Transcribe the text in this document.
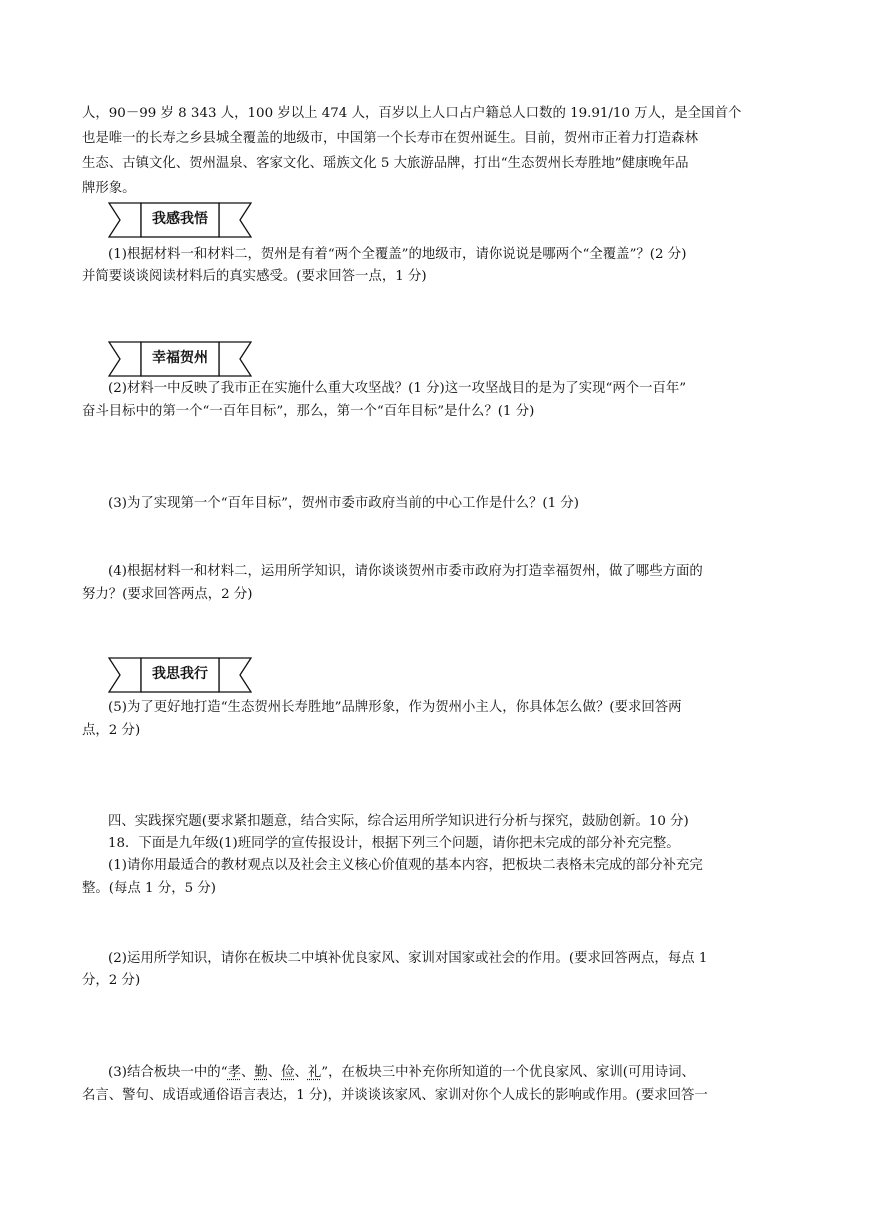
人，90－99 岁 8 343 人，100 岁以上 474 人，百岁以上人口占户籍总人口数的 19.91/10 万人，是全国首个
也是唯一的长寿之乡县城全覆盖的地级市，中国第一个长寿市在贺州诞生。目前，贺州市正着力打造森林
生态、古镇文化、贺州温泉、客家文化、瑶族文化 5 大旅游品牌，打出“生态贺州长寿胜地”健康晚年品
牌形象。
我感我悟
(1)根据材料一和材料二，贺州是有着“两个全覆盖”的地级市，请你说说是哪两个“全覆盖”？(2 分)
并简要谈谈阅读材料后的真实感受。(要求回答一点，1 分)
幸福贺州
(2)材料一中反映了我市正在实施什么重大攻坚战？(1 分)这一攻坚战目的是为了实现“两个一百年”
奋斗目标中的第一个“一百年目标”，那么，第一个“百年目标”是什么？(1 分)
(3)为了实现第一个“百年目标”，贺州市委市政府当前的中心工作是什么？(1 分)
(4)根据材料一和材料二，运用所学知识，请你谈谈贺州市委市政府为打造幸福贺州，做了哪些方面的
努力？(要求回答两点，2 分)
我思我行
(5)为了更好地打造“生态贺州长寿胜地”品牌形象，作为贺州小主人，你具体怎么做？(要求回答两
点，2 分)
四、实践探究题(要求紧扣题意，结合实际，综合运用所学知识进行分析与探究，鼓励创新。10 分)
18．下面是九年级(1)班同学的宣传报设计，根据下列三个问题，请你把未完成的部分补充完整。
(1)请你用最适合的教材观点以及社会主义核心价值观的基本内容，把板块二表格未完成的部分补充完
整。(每点 1 分，5 分)
(2)运用所学知识，请你在板块二中填补优良家风、家训对国家或社会的作用。(要求回答两点，每点 1
分，2 分)
(3)结合板块一中的“孝、勤、俭、礼”，在板块三中补充你所知道的一个优良家风、家训(可用诗词、
名言、警句、成语或通俗语言表达，1 分)，并谈谈该家风、家训对你个人成长的影响或作用。(要求回答一
